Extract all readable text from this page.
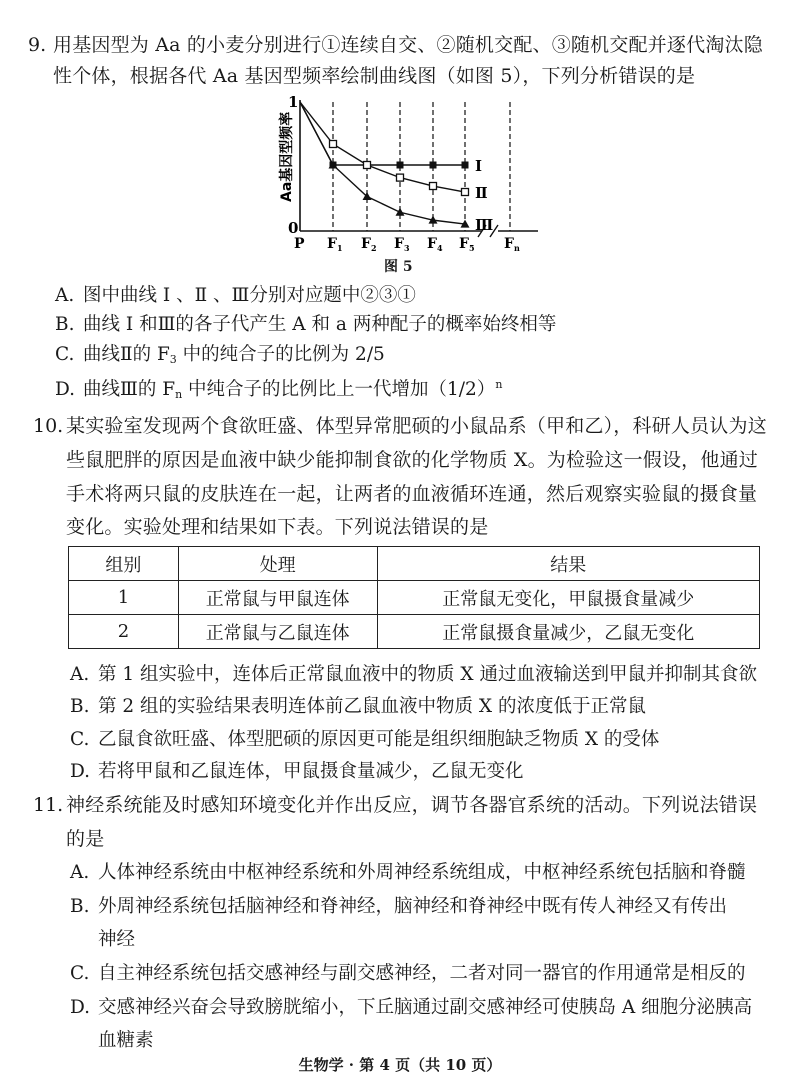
9. 用基因型为 Aa 的小麦分别进行①连续自交、②随机交配、③随机交配并逐代淘汰隐
性个体，根据各代 Aa 基因型频率绘制曲线图（如图 5），下列分析错误的是
1
0
Aa基因型频率
P $F_1$ $F_2$ $F_3$ $F_4$ $F_5$ $F_n$
Ⅰ
Ⅱ
Ⅲ
图 5
A. 图中曲线 Ⅰ 、Ⅱ 、Ⅲ分别对应题中②③①
B. 曲线 Ⅰ 和Ⅲ的各子代产生 A 和 a 两种配子的概率始终相等
C. 曲线Ⅱ的 $F_3$ 中的纯合子的比例为 2/5
D. 曲线Ⅲ的 $F_n$ 中纯合子的比例比上一代增加$(1/2)^n$
10. 某实验室发现两个食欲旺盛、体型异常肥硕的小鼠品系（甲和乙），科研人员认为这
些鼠肥胖的原因是血液中缺少能抑制食欲的化学物质 X。为检验这一假设，他通过
手术将两只鼠的皮肤连在一起，让两者的血液循环连通，然后观察实验鼠的摄食量
变化。实验处理和结果如下表。下列说法错误的是
组别	处理	结果
1	正常鼠与甲鼠连体	正常鼠无变化，甲鼠摄食量减少
2	正常鼠与乙鼠连体	正常鼠摄食量减少，乙鼠无变化
A. 第 1 组实验中，连体后正常鼠血液中的物质 X 通过血液输送到甲鼠并抑制其食欲
B. 第 2 组的实验结果表明连体前乙鼠血液中物质 X 的浓度低于正常鼠
C. 乙鼠食欲旺盛、体型肥硕的原因更可能是组织细胞缺乏物质 X 的受体
D. 若将甲鼠和乙鼠连体，甲鼠摄食量减少，乙鼠无变化
11. 神经系统能及时感知环境变化并作出反应，调节各器官系统的活动。下列说法错误
的是
A. 人体神经系统由中枢神经系统和外周神经系统组成，中枢神经系统包括脑和脊髓
B. 外周神经系统包括脑神经和脊神经，脑神经和脊神经中既有传人神经又有传出
神经
C. 自主神经系统包括交感神经与副交感神经，二者对同一器官的作用通常是相反的
D. 交感神经兴奋会导致膀胱缩小，下丘脑通过副交感神经可使胰岛 A 细胞分泌胰高
血糖素
生物学 · 第 4 页（共 10 页）
